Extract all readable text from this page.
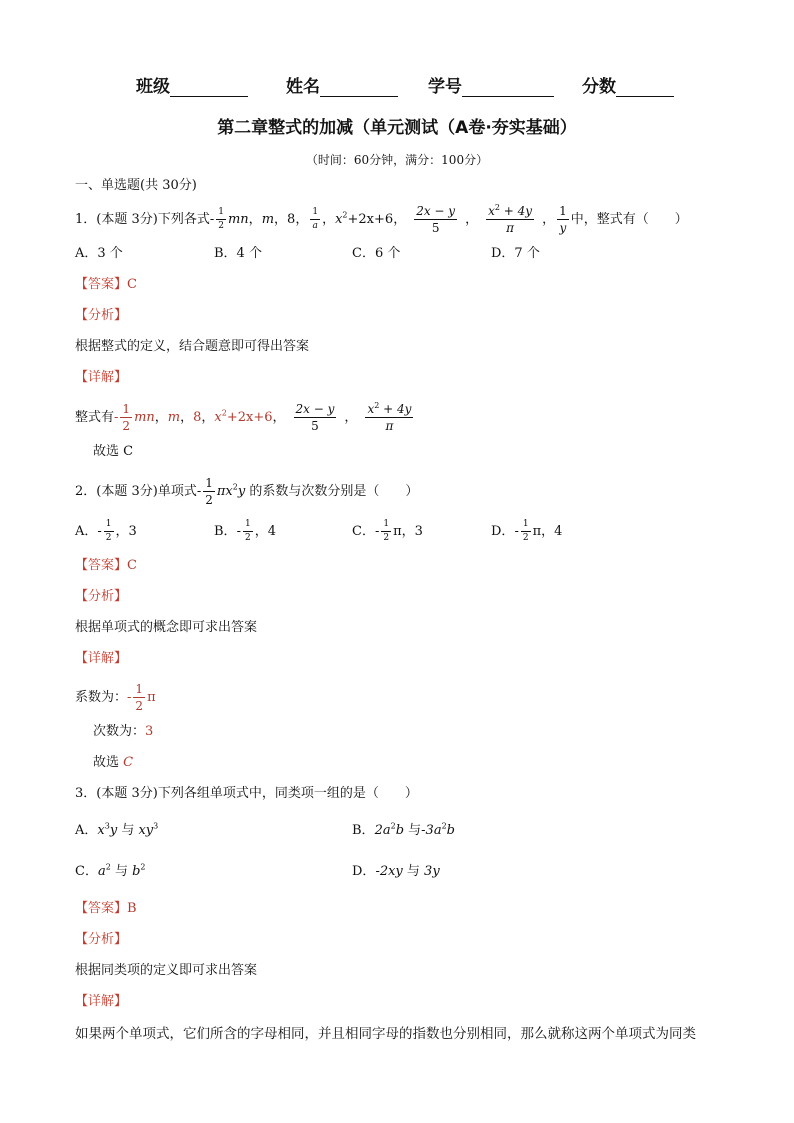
班级	姓名	学号	分数
第二章整式的加减（单元测试（A卷·夯实基础）
（时间：60分钟，满分：100分）
一、单选题(共 30分)
1．(本题 3分)下列各式- $\frac{1}{2}$ mn，m，8， $\frac{1}{a}$ ，$x^2+2x+6$， $\frac{2x - y}{5}$ ， $\frac{x^2 + 4y}{\pi}$ ， $\frac{1}{y}$ 中，整式有（　　）
A．3 个	B．4 个	C．6 个	D．7 个
【答案】C
【分析】
根据整式的定义，结合题意即可得出答案
【详解】
整式有- $\frac{1}{2}$ mn，m，8，$x^2+2x+6$， $\frac{2x - y}{5}$ ， $\frac{x^2 + 4y}{\pi}$
故选 C
2．(本题 3分)单项式- $\frac{1}{2} \pi x^2y$ 的系数与次数分别是（　　）
A．- $\frac{1}{2}$ ，3	B．- $\frac{1}{2}$ ，4	C．- $\frac{1}{2}$ π，3	D．- $\frac{1}{2}$ π，4
【答案】C
【分析】
根据单项式的概念即可求出答案
【详解】
系数为：- $\frac{1}{2}$ π
次数为：3
故选 C
3．(本题 3分)下列各组单项式中，同类项一组的是（　　）
A．$x^3y$ 与 $xy^3$	B．$2a^2b$ 与$-3a^2b$
C．$a^2$ 与 $b^2$	D．-2xy 与 3y
【答案】B
【分析】
根据同类项的定义即可求出答案
【详解】
如果两个单项式，它们所含的字母相同，并且相同字母的指数也分别相同，那么就称这两个单项式为同类
